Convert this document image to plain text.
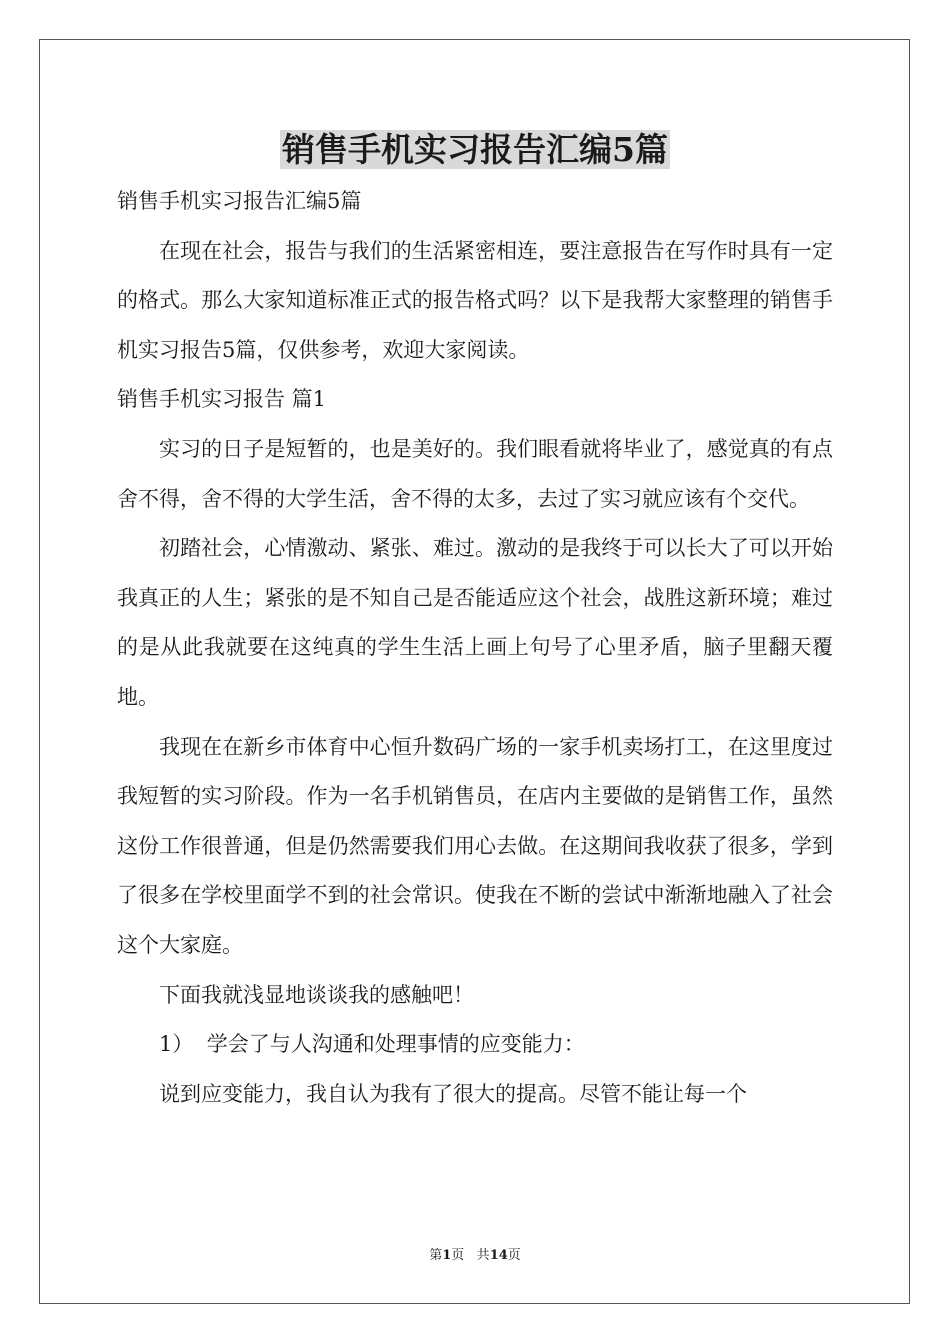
销售手机实习报告汇编5篇

销售手机实习报告汇编5篇

在现在社会，报告与我们的生活紧密相连，要注意报告在写作时具有一定的格式。那么大家知道标准正式的报告格式吗？以下是我帮大家整理的销售手机实习报告5篇，仅供参考，欢迎大家阅读。

销售手机实习报告 篇1

实习的日子是短暂的，也是美好的。我们眼看就将毕业了，感觉真的有点舍不得，舍不得的大学生活，舍不得的太多，去过了实习就应该有个交代。

初踏社会，心情激动、紧张、难过。激动的是我终于可以长大了可以开始我真正的人生；紧张的是不知自己是否能适应这个社会，战胜这新环境；难过的是从此我就要在这纯真的学生生活上画上句号了心里矛盾，脑子里翻天覆地。

我现在在新乡市体育中心恒升数码广场的一家手机卖场打工，在这里度过我短暂的实习阶段。作为一名手机销售员，在店内主要做的是销售工作，虽然这份工作很普通，但是仍然需要我们用心去做。在这期间我收获了很多，学到了很多在学校里面学不到的社会常识。使我在不断的尝试中渐渐地融入了社会这个大家庭。

下面我就浅显地谈谈我的感触吧！

1）  学会了与人沟通和处理事情的应变能力：

说到应变能力，我自认为我有了很大的提高。尽管不能让每一个

第1页 共14页
